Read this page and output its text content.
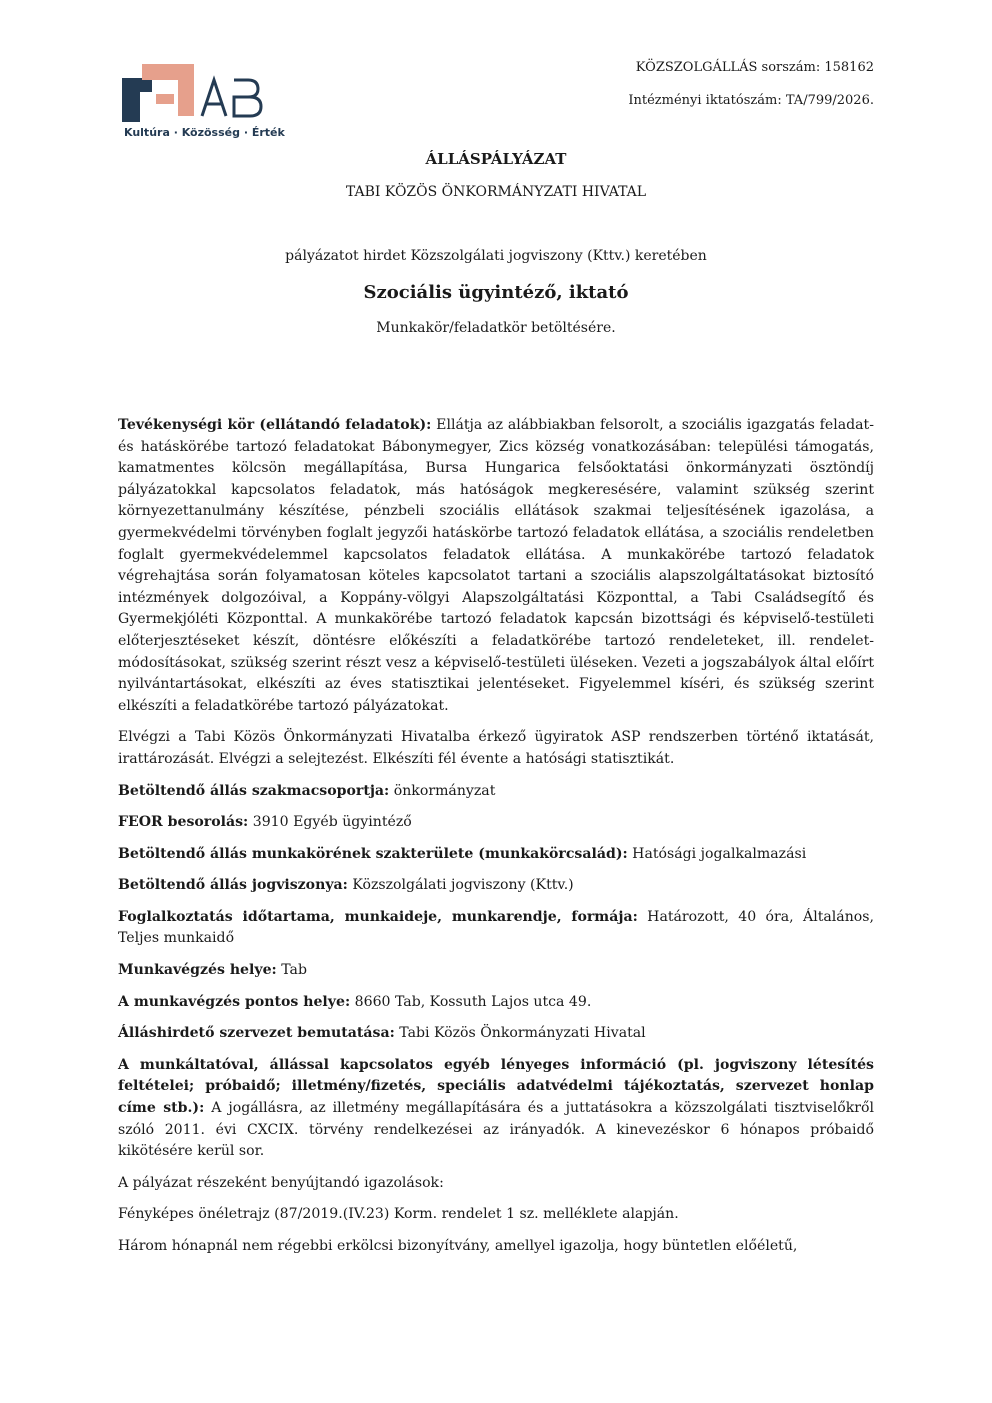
Kultúra · Közösség · Érték
KÖZSZOLGÁLLÁS sorszám: 158162
Intézményi iktatószám: TA/799/2026.
ÁLLÁSPÁLYÁZAT
TABI KÖZÖS ÖNKORMÁNYZATI HIVATAL
pályázatot hirdet Közszolgálati jogviszony (Kttv.) keretében
Szociális ügyintéző, iktató
Munkakör/feladatkör betöltésére.

Tevékenységi kör (ellátandó feladatok): Ellátja az alábbiakban felsorolt, a szociális igazgatás feladat- és hatáskörébe tartozó feladatokat Bábonymegyer, Zics község vonatkozásában: települési támogatás, kamatmentes kölcsön megállapítása, Bursa Hungarica felsőoktatási önkormányzati ösztöndíj pályázatokkal kapcsolatos feladatok, más hatóságok megkeresésére, valamint szükség szerint környezettanulmány készítése, pénzbeli szociális ellátások szakmai teljesítésének igazolása, a gyermekvédelmi törvényben foglalt jegyzői hatáskörbe tartozó feladatok ellátása, a szociális rendeletben foglalt gyermekvédelemmel kapcsolatos feladatok ellátása. A munkakörébe tartozó feladatok végrehajtása során folyamatosan köteles kapcsolatot tartani a szociális alapszolgáltatásokat biztosító intézmények dolgozóival, a Koppány-völgyi Alapszolgáltatási Központtal, a Tabi Családsegítő és Gyermekjóléti Központtal. A munkakörébe tartozó feladatok kapcsán bizottsági és képviselő-testületi előterjesztéseket készít, döntésre előkészíti a feladatkörébe tartozó rendeleteket, ill. rendelet-módosításokat, szükség szerint részt vesz a képviselő-testületi üléseken. Vezeti a jogszabályok által előírt nyilvántartásokat, elkészíti az éves statisztikai jelentéseket. Figyelemmel kíséri, és szükség szerint elkészíti a feladatkörébe tartozó pályázatokat.

Elvégzi a Tabi Közös Önkormányzati Hivatalba érkező ügyiratok ASP rendszerben történő iktatását, irattározását. Elvégzi a selejtezést. Elkészíti fél évente a hatósági statisztikát.

Betöltendő állás szakmacsoportja: önkormányzat

FEOR besorolás: 3910 Egyéb ügyintéző

Betöltendő állás munkakörének szakterülete (munkakörcsalád): Hatósági jogalkalmazási

Betöltendő állás jogviszonya: Közszolgálati jogviszony (Kttv.)

Foglalkoztatás időtartama, munkaideje, munkarendje, formája: Határozott, 40 óra, Általános, Teljes munkaidő

Munkavégzés helye: Tab

A munkavégzés pontos helye: 8660 Tab, Kossuth Lajos utca 49.

Álláshirdető szervezet bemutatása: Tabi Közös Önkormányzati Hivatal

A munkáltatóval, állással kapcsolatos egyéb lényeges információ (pl. jogviszony létesítés feltételei; próbaidő; illetmény/fizetés, speciális adatvédelmi tájékoztatás, szervezet honlap címe stb.): A jogállásra, az illetmény megállapítására és a juttatásokra a közszolgálati tisztviselőkről szóló 2011. évi CXCIX. törvény rendelkezései az irányadók. A kinevezéskor 6 hónapos próbaidő kikötésére kerül sor.

A pályázat részeként benyújtandó igazolások:

Fényképes önéletrajz (87/2019.(IV.23) Korm. rendelet 1 sz. melléklete alapján.

Három hónapnál nem régebbi erkölcsi bizonyítvány, amellyel igazolja, hogy büntetlen előéletű,
